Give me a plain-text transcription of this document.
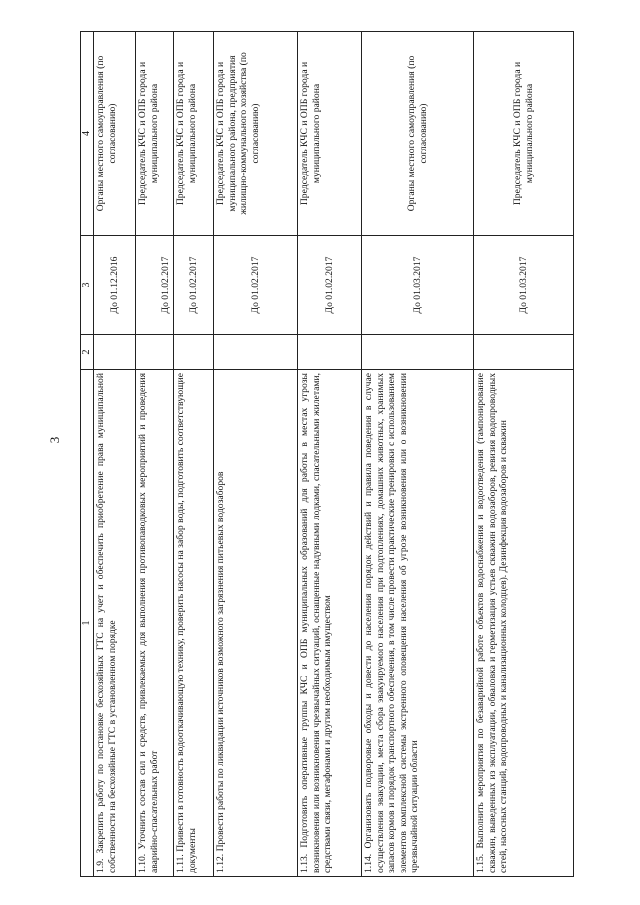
3
1	2	3	4
1.9. Закрепить работу по постановке бесхозяйных ГТС на учет и обеспечить приобретение права муниципальной собственности на бесхозяйные ГТС в установленном порядке		До 01.12.2016	Органы местного самоуправления (по согласованию)
1.10. Уточнить состав сил и средств, привлекаемых для выполнения противопаводковых мероприятий и проведения аварийно-спасательных работ		До 01.02.2017	Председатель КЧС и ОПБ города и муниципального района
1.11. Привести в готовность водооткачивающую технику, проверить насосы на забор воды, подготовить соответствующие документы		До 01.02.2017	Председатель КЧС и ОПБ города и муниципального района
1.12. Провести работы по ликвидации источников возможного загрязнения питьевых водозаборов		До 01.02.2017	Председатель КЧС и ОПБ города и муниципального района, предприятия жилищно-коммунального хозяйства (по согласованию)
1.13. Подготовить оперативные группы КЧС и ОПБ муниципальных образований для работы в местах угрозы возникновения или возникновения чрезвычайных ситуаций, оснащенные надувными лодками, спасательными жилетами, средствами связи, мегафонами и другим необходимым имуществом		До 01.02.2017	Председатель КЧС и ОПБ города и муниципального района
1.14. Организовать подворовые обходы и довести до населения порядок действий и правила поведения в случае осуществления эвакуации, места сбора эвакуируемого населения при подтоплениях, домашних животных, хранимых запасов кормов и порядок транспортного обеспечения, в том числе провести практические тренировки с использованием элементов комплексной системы экстренного оповещения населения об угрозе возникновения или о возникновении чрезвычайной ситуации области		До 01.03.2017	Органы местного самоуправления (по согласованию)
1.15. Выполнить мероприятия по безаварийной работе объектов водоснабжения и водоотведения (тампонирование скважин, выведенных из эксплуатации, обваловка и герметизация устьев скважин водозаборов, ревизия водопроводных сетей, насосных станций, водопроводных и канализационных колодцев). Дезинфекция водозаборов и скважин		До 01.03.2017	Председатель КЧС и ОПБ города и муниципального района
